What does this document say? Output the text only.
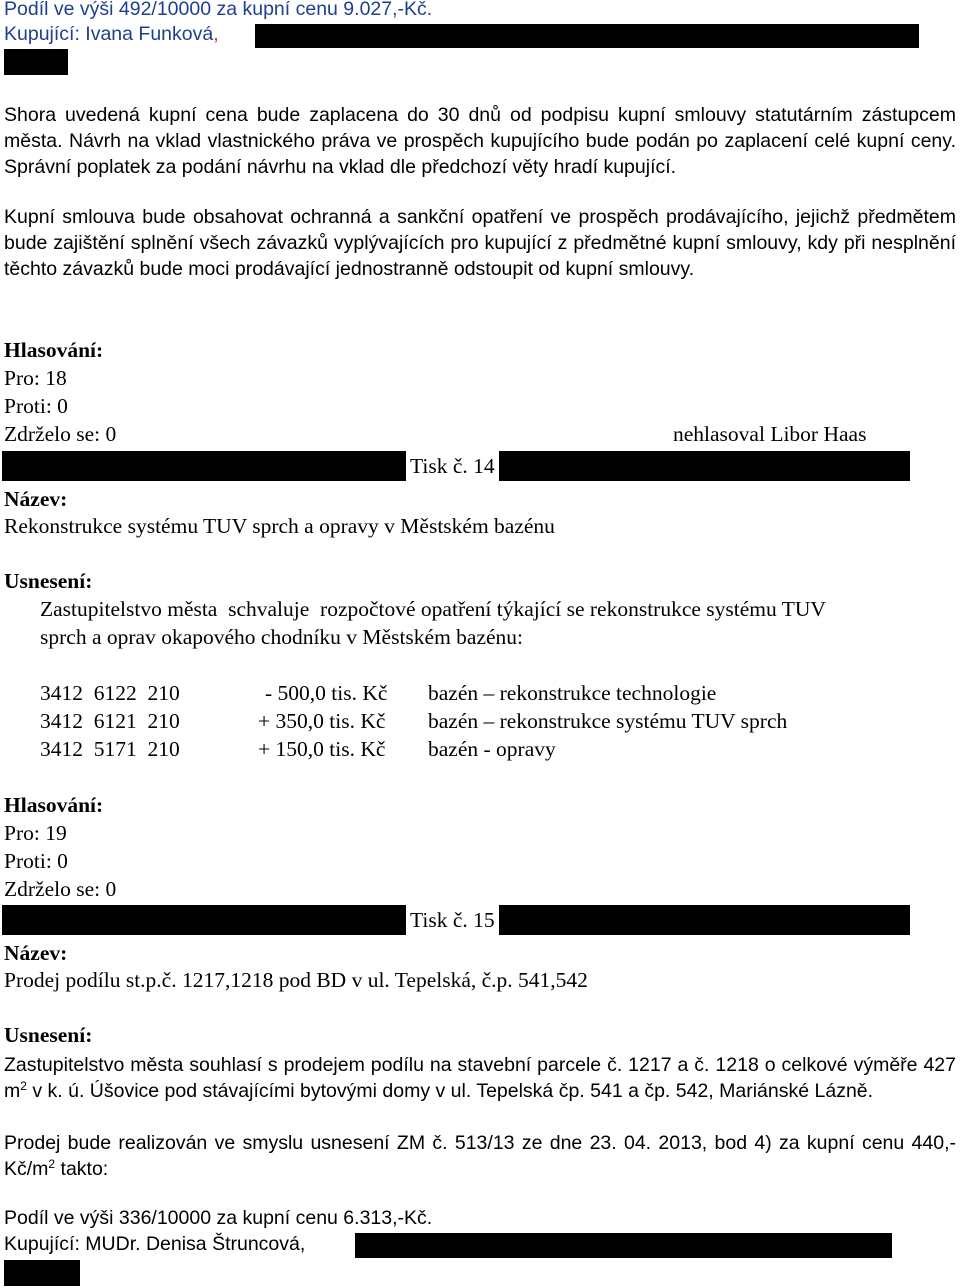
Podíl ve výši 492/10000 za kupní cenu 9.027,-Kč.
Kupující: Ivana Funková,
Shora uvedená kupní cena bude zaplacena do 30 dnů od podpisu kupní smlouvy statutárním zástupcem města. Návrh na vklad vlastnického práva ve prospěch kupujícího bude podán po zaplacení celé kupní ceny. Správní poplatek za podání návrhu na vklad dle předchozí věty hradí kupující.
Kupní smlouva bude obsahovat ochranná a sankční opatření ve prospěch prodávajícího, jejichž předmětem bude zajištění splnění všech závazků vyplývajících pro kupující z předmětné kupní smlouvy, kdy při nesplnění těchto závazků bude moci prodávající jednostranně odstoupit od kupní smlouvy.
Hlasování:
Pro: 18
Proti: 0
Zdrželo se: 0	nehlasoval Libor Haas
Tisk č. 14
Název:
Rekonstrukce systému TUV sprch a opravy v Městském bazénu
Usnesení:
Zastupitelstvo města  schvaluje  rozpočtové opatření týkající se rekonstrukce systému TUV
sprch a oprav okapového chodníku v Městském bazénu:
3412  6122  210	- 500,0 tis. Kč bazén – rekonstrukce technologie
3412  6121  210	+ 350,0 tis. Kč bazén – rekonstrukce systému TUV sprch
3412  5171  210	+ 150,0 tis. Kč bazén - opravy
Hlasování:
Pro: 19
Proti: 0
Zdrželo se: 0
Tisk č. 15
Název:
Prodej podílu st.p.č. 1217,1218 pod BD v ul. Tepelská, č.p. 541,542
Usnesení:
Zastupitelstvo města souhlasí s prodejem podílu na stavební parcele č. 1217 a č. 1218 o celkové výměře 427 $m^2$ v k. ú. Úšovice pod stávajícími bytovými domy v ul. Tepelská čp. 541 a čp. 542, Mariánské Lázně.
Prodej bude realizován ve smyslu usnesení ZM č. 513/13 ze dne 23. 04. 2013, bod 4) za kupní cenu 440,- $Kč/m^2$ takto:
Podíl ve výši 336/10000 za kupní cenu 6.313,-Kč.
Kupující: MUDr. Denisa Štruncová,
